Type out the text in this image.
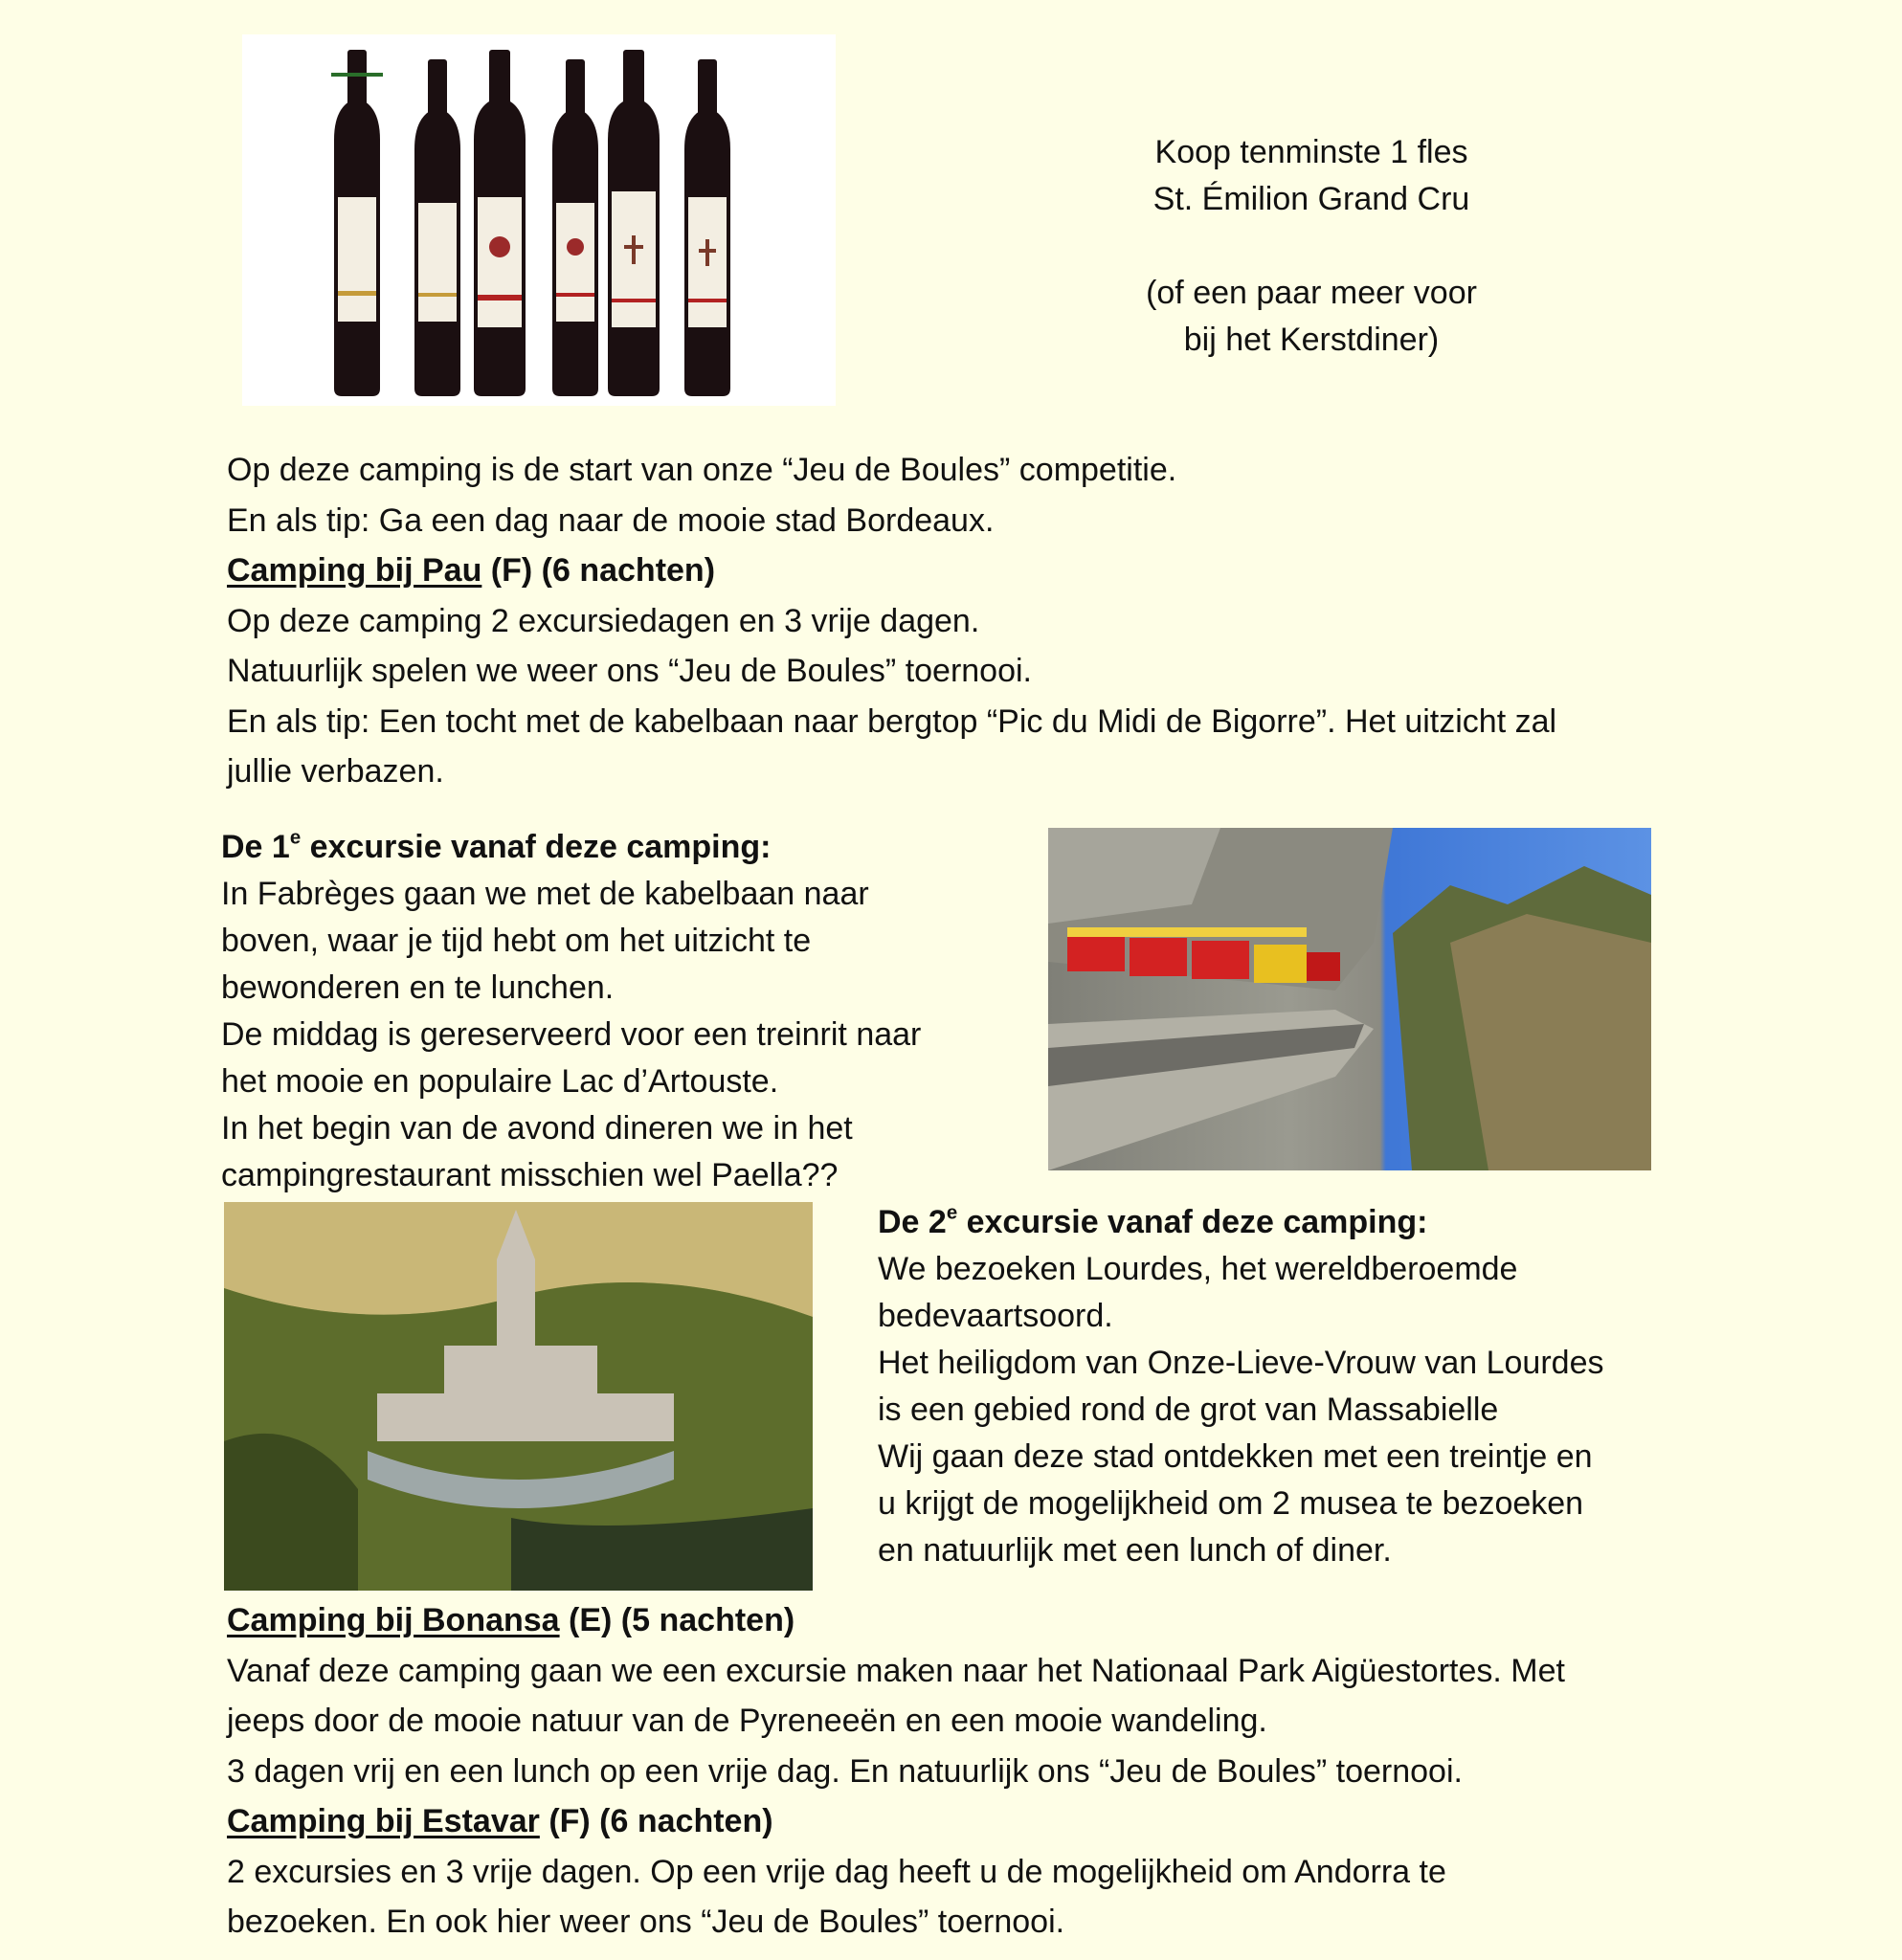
Koop tenminste 1 fles
St. Émilion Grand Cru
(of een paar meer voor
bij het Kerstdiner)
Op deze camping is de start van onze “Jeu de Boules” competitie.
En als tip: Ga een dag naar de mooie stad Bordeaux.
Camping bij Pau (F) (6 nachten)
Op deze camping 2 excursiedagen en 3 vrije dagen.
Natuurlijk spelen we weer ons “Jeu de Boules” toernooi.
En als tip: Een tocht met de kabelbaan naar bergtop “Pic du Midi de Bigorre”. Het uitzicht zal
jullie verbazen.
De 1e excursie vanaf deze camping:
In Fabrèges gaan we met de kabelbaan naar
boven, waar je tijd hebt om het uitzicht te
bewonderen en te lunchen.
De middag is gereserveerd voor een treinrit naar
het mooie en populaire Lac d’Artouste.
In het begin van de avond dineren we in het
campingrestaurant misschien wel Paella??
De 2e excursie vanaf deze camping:
We bezoeken Lourdes, het wereldberoemde
bedevaartsoord.
Het heiligdom van Onze-Lieve-Vrouw van Lourdes
is een gebied rond de grot van Massabielle
Wij gaan deze stad ontdekken met een treintje en
u krijgt de mogelijkheid om 2 musea te bezoeken
en natuurlijk met een lunch of diner.
Camping bij Bonansa (E) (5 nachten)
Vanaf deze camping gaan we een excursie maken naar het Nationaal Park Aigüestortes. Met
jeeps door de mooie natuur van de Pyreneeën en een mooie wandeling.
3 dagen vrij en een lunch op een vrije dag. En natuurlijk ons “Jeu de Boules” toernooi.
Camping bij Estavar (F) (6 nachten)
2 excursies en 3 vrije dagen. Op een vrije dag heeft u de mogelijkheid om Andorra te
bezoeken. En ook hier weer ons “Jeu de Boules” toernooi.
